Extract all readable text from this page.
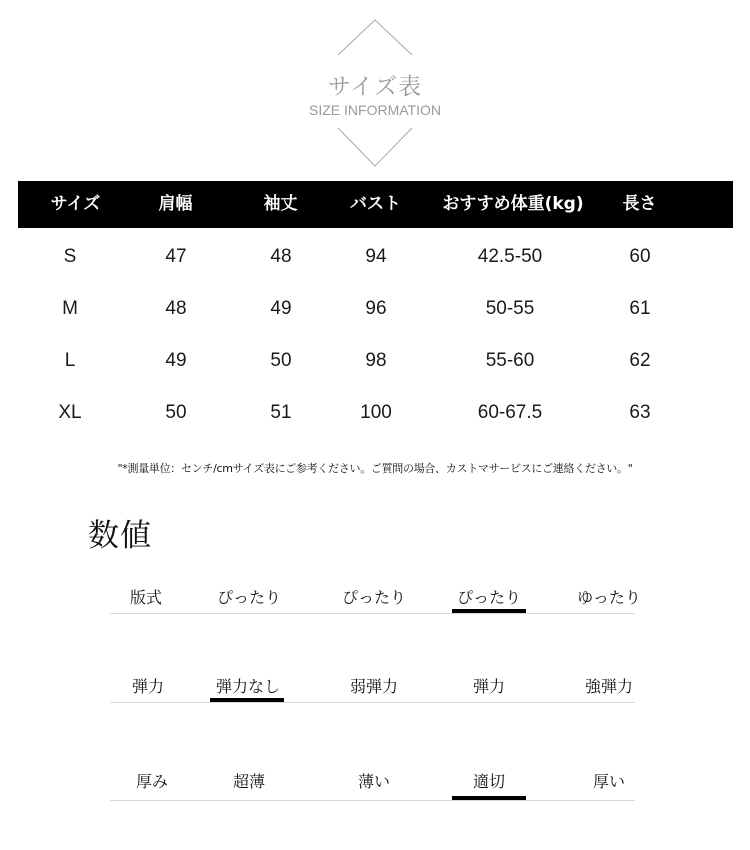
サイズ表
SIZE INFORMATION
サイズ	肩幅	袖丈	バスト	おすすめ体重(kg)	長さ
S	47	48	94	42.5-50	60
M	48	49	96	50-55	61
L	49	50	98	55-60	62
XL	50	51	100	60-67.5	63
"*測量単位：センチ/cmサイズ表にご参考ください。ご質問の場合、カストマサービスにご連絡ください。"
数値
版式	ぴったり	ぴったり	ぴったり	ゆったり
弾力	弾力なし	弱弾力	弾力	強弾力
厚み	超薄	薄い	適切	厚い
